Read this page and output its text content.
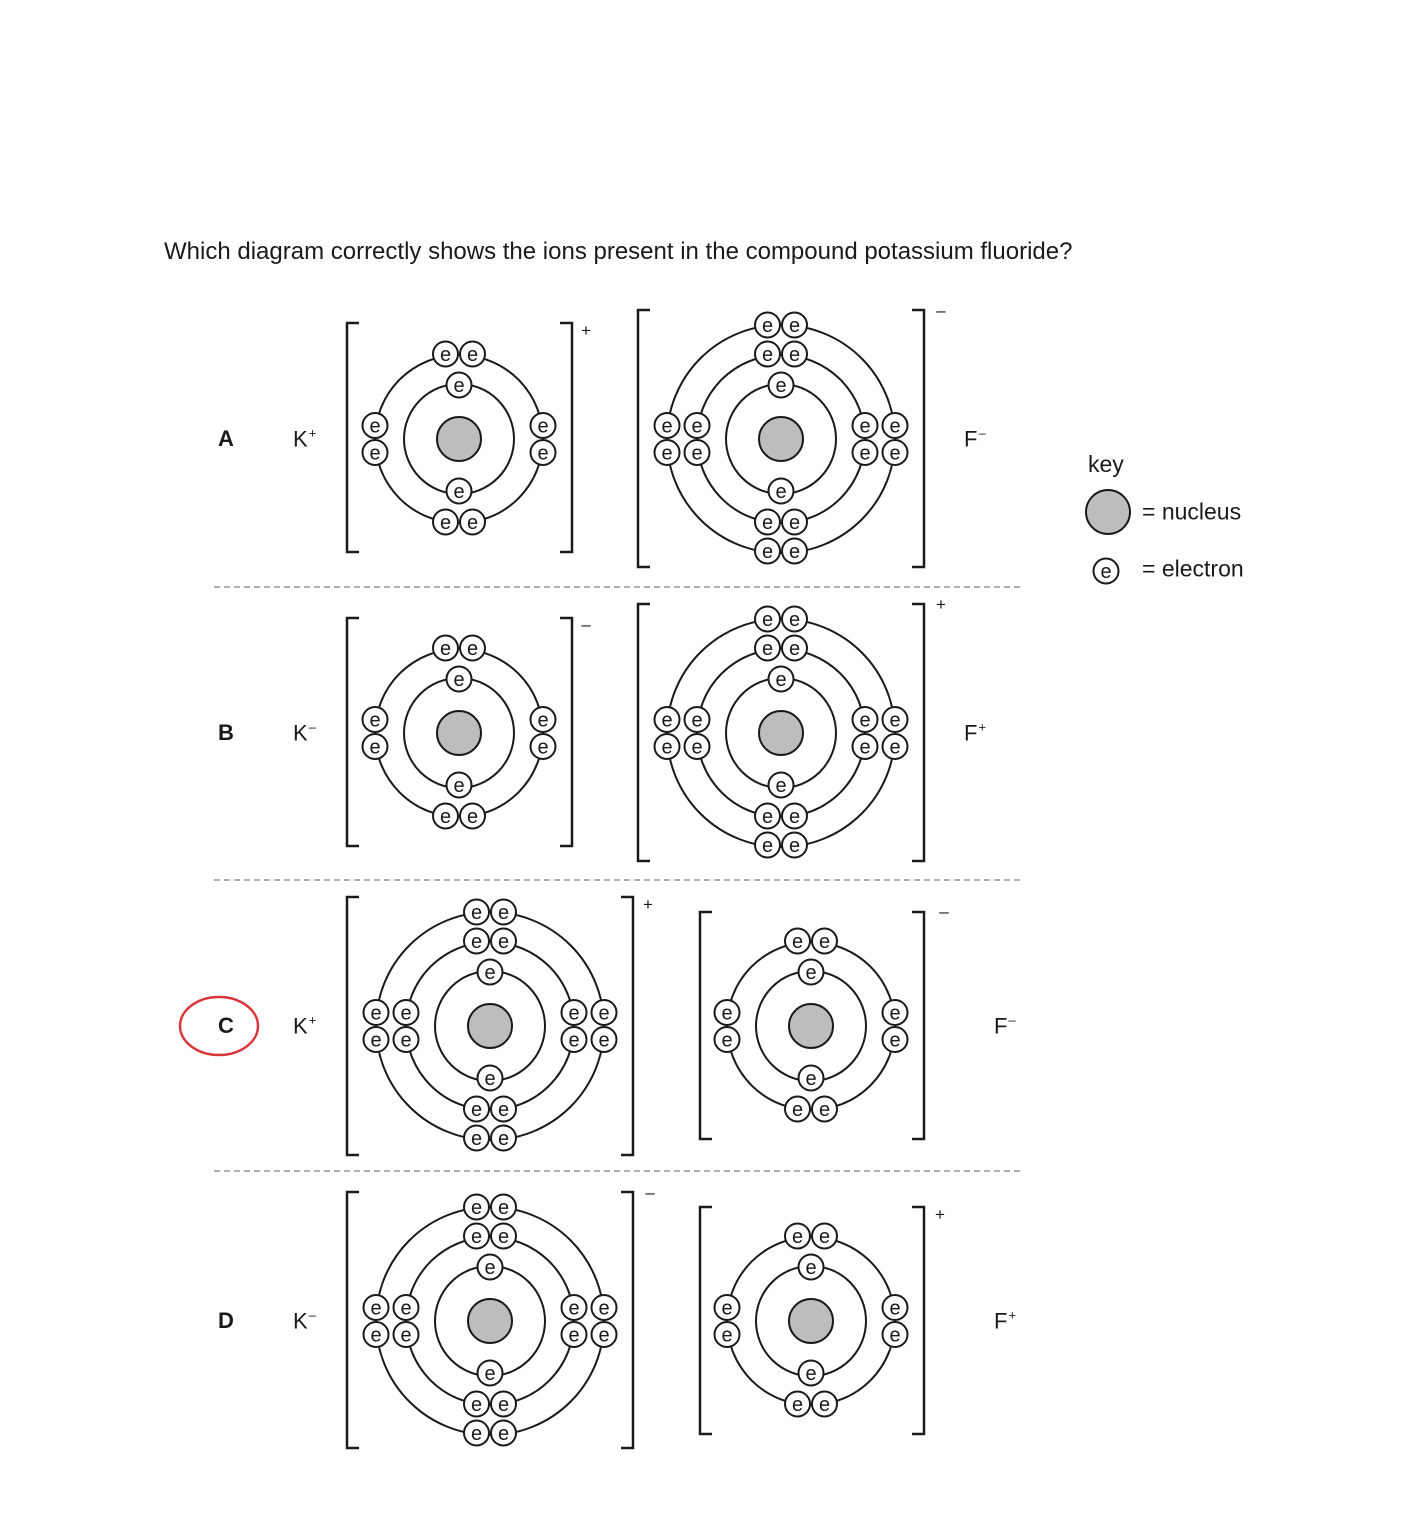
Which diagram correctly shows the ions present in the compound potassium fluoride?
A	K+	F–
+
–
B	K–	F+
–
+
C	K+	F–
+	–
D	K–	F+
–
+
key
= nucleus
= electron
e
e
e e
e e
e
e
e
e
e
e
e e
e e
e
e
e
e
e e
e e
e
e
e
e
e
e
e e
e e
e
e
e
e
e
e
e e
e e
e
e
e
e
e e
e e
e
e
e
e
e
e
e e
e e
e
e
e
e
e e
e e
e
e
e
e
e
e
e e
e e
e
e
e
e
e
e
e e
e e
e
e
e
e
e e
e e
e
e
e
e
e
e
e e
e e
e
e
e
e
e
